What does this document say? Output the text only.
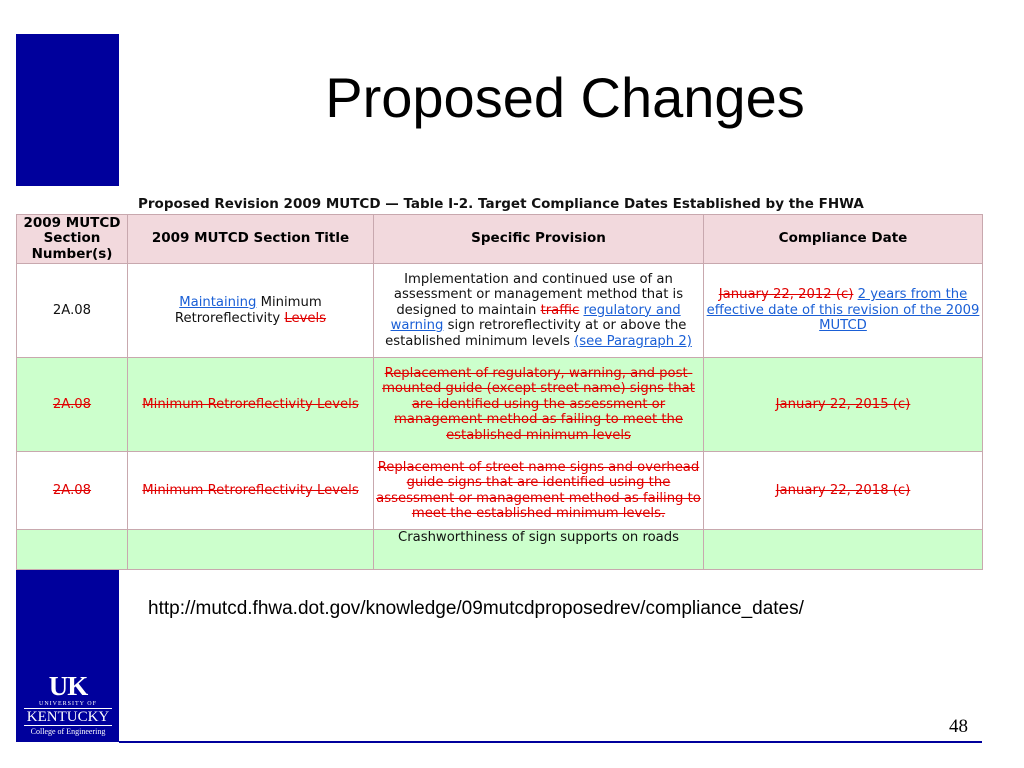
Proposed Changes
Proposed Revision 2009 MUTCD — Table I-2. Target Compliance Dates Established by the FHWA
2009 MUTCD Section Number(s)	2009 MUTCD Section Title	Specific Provision	Compliance Date
2A.08	Maintaining Minimum Retroreflectivity Levels	Implementation and continued use of an assessment or management method that is designed to maintain traffic regulatory and warning sign retroreflectivity at or above the established minimum levels (see Paragraph 2)	January 22, 2012 (c) 2 years from the effective date of this revision of the 2009 MUTCD
2A.08	Minimum Retroreflectivity Levels	Replacement of regulatory, warning, and post-mounted guide (except street name) signs that are identified using the assessment or management method as failing to meet the established minimum levels	January 22, 2015 (c)
2A.08	Minimum Retroreflectivity Levels	Replacement of street name signs and overhead guide signs that are identified using the assessment or management method as failing to meet the established minimum levels.	January 22, 2018 (c)
		Crashworthiness of sign supports on roads	
http://mutcd.fhwa.dot.gov/knowledge/09mutcdproposedrev/compliance_dates/
UK
UNIVERSITY OF
KENTUCKY
College of Engineering	48
